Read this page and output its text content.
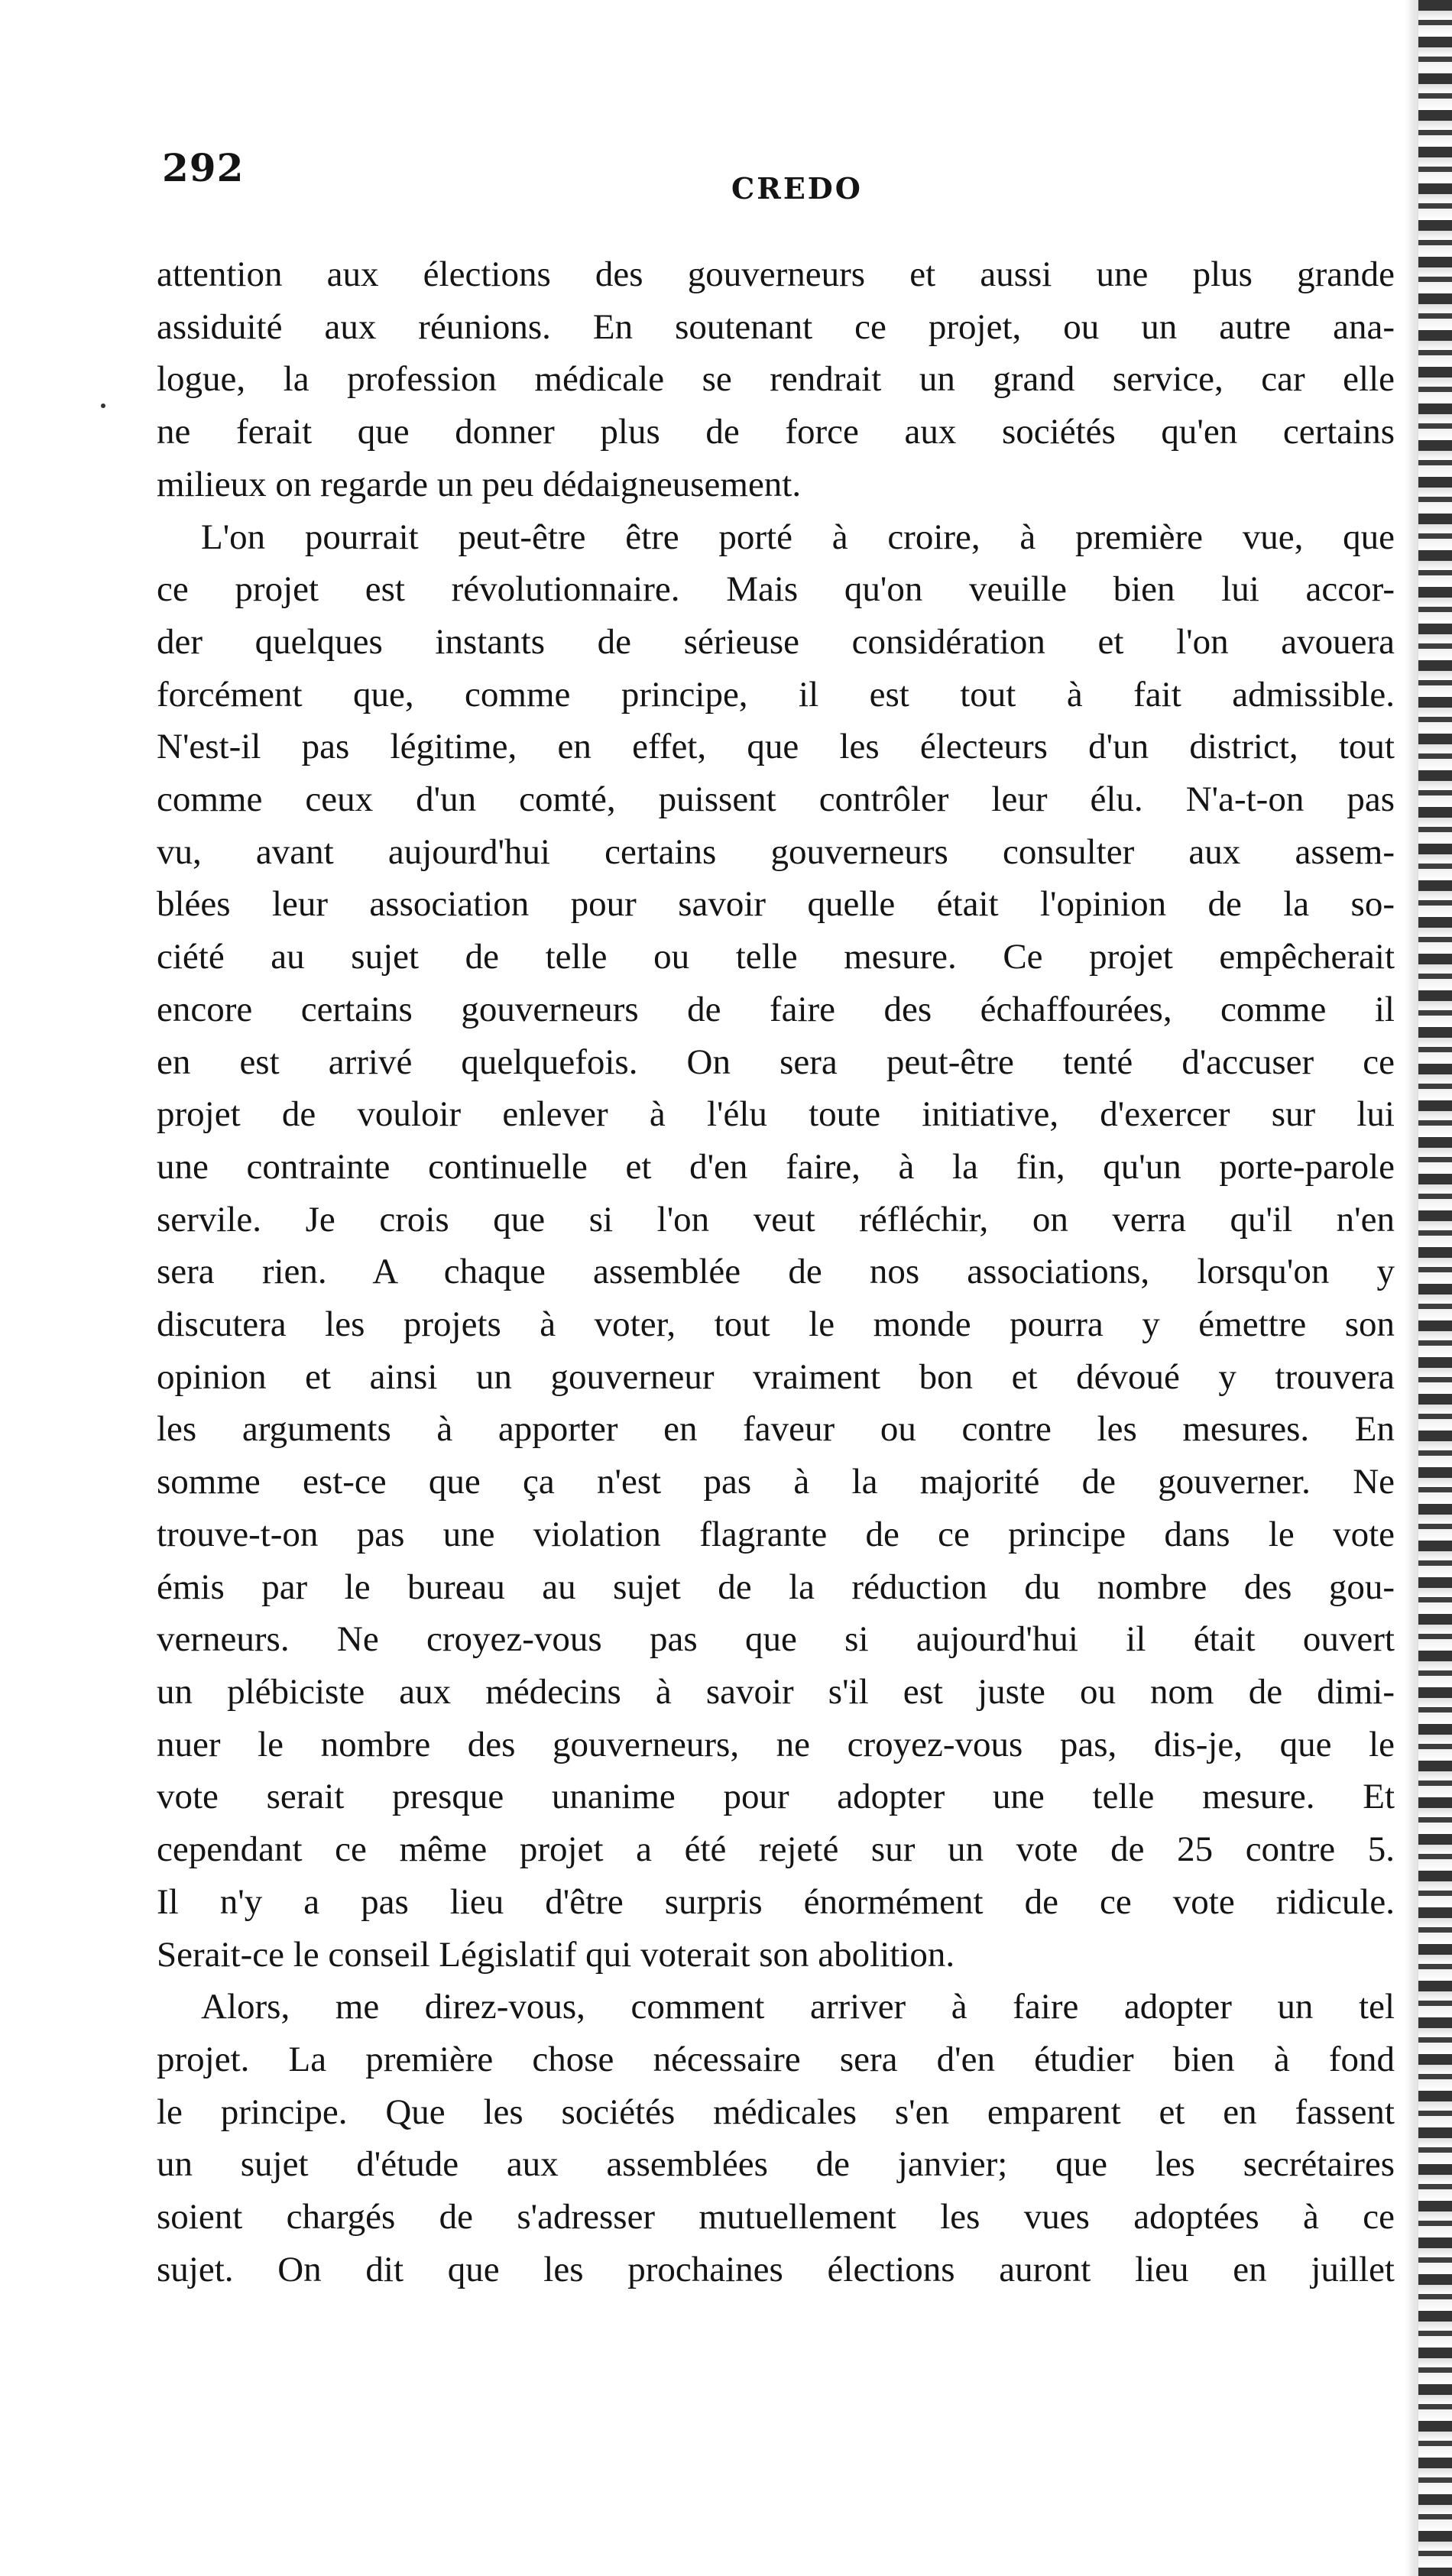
292	CREDO

attention aux élections des gouverneurs et aussi une plus grande
assiduité aux réunions. En soutenant ce projet, ou un autre ana-
logue, la profession médicale se rendrait un grand service, car elle
ne ferait que donner plus de force aux sociétés qu'en certains
milieux on regarde un peu dédaigneusement.

L'on pourrait peut-être être porté à croire, à première vue, que
ce projet est révolutionnaire. Mais qu'on veuille bien lui accor-
der quelques instants de sérieuse considération et l'on avouera
forcément que, comme principe, il est tout à fait admissible.
N'est-il pas légitime, en effet, que les électeurs d'un district, tout
comme ceux d'un comté, puissent contrôler leur élu. N'a-t-on pas
vu, avant aujourd'hui certains gouverneurs consulter aux assem-
blées leur association pour savoir quelle était l'opinion de la so-
ciété au sujet de telle ou telle mesure. Ce projet empêcherait
encore certains gouverneurs de faire des échaffourées, comme il
en est arrivé quelquefois. On sera peut-être tenté d'accuser ce
projet de vouloir enlever à l'élu toute initiative, d'exercer sur lui
une contrainte continuelle et d'en faire, à la fin, qu'un porte-parole
servile. Je crois que si l'on veut réfléchir, on verra qu'il n'en
sera rien. A chaque assemblée de nos associations, lorsqu'on y
discutera les projets à voter, tout le monde pourra y émettre son
opinion et ainsi un gouverneur vraiment bon et dévoué y trouvera
les arguments à apporter en faveur ou contre les mesures. En
somme est-ce que ça n'est pas à la majorité de gouverner. Ne
trouve-t-on pas une violation flagrante de ce principe dans le vote
émis par le bureau au sujet de la réduction du nombre des gou-
verneurs. Ne croyez-vous pas que si aujourd'hui il était ouvert
un plébiciste aux médecins à savoir s'il est juste ou nom de dimi-
nuer le nombre des gouverneurs, ne croyez-vous pas, dis-je, que le
vote serait presque unanime pour adopter une telle mesure. Et
cependant ce même projet a été rejeté sur un vote de 25 contre 5.
Il n'y a pas lieu d'être surpris énormément de ce vote ridicule.
Serait-ce le conseil Législatif qui voterait son abolition.

Alors, me direz-vous, comment arriver à faire adopter un tel
projet. La première chose nécessaire sera d'en étudier bien à fond
le principe. Que les sociétés médicales s'en emparent et en fassent
un sujet d'étude aux assemblées de janvier; que les secrétaires
soient chargés de s'adresser mutuellement les vues adoptées à ce
sujet. On dit que les prochaines élections auront lieu en juillet
